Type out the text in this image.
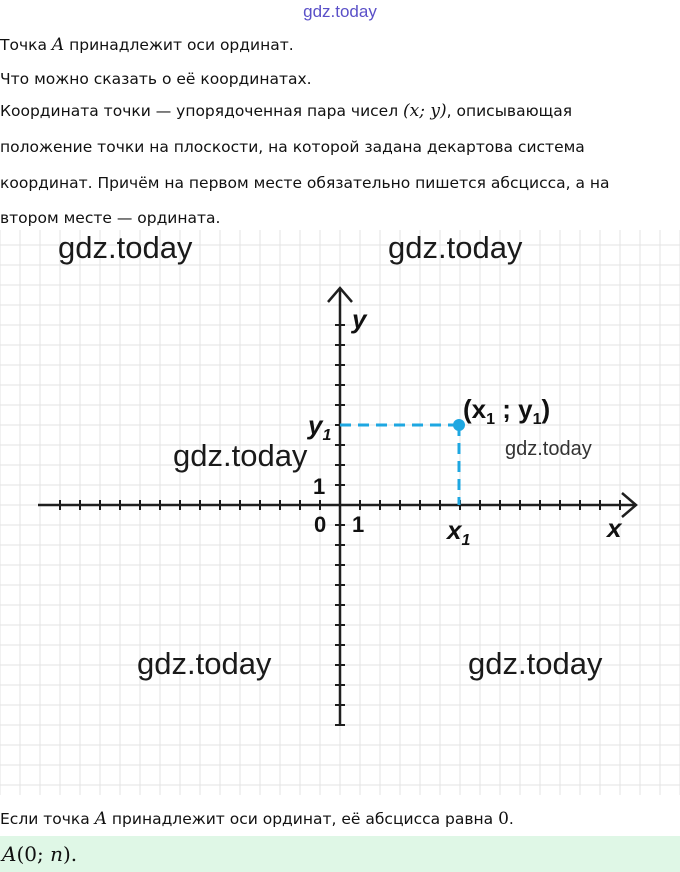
gdz.today
Точка A принадлежит оси ординат.
Что можно сказать о её координатах.
Координата точки — упорядоченная пара чисел (x; y), описывающая
положение точки на плоскости, на которой задана декартова система
координат. Причём на первом месте обязательно пишется абсцисса, а на
втором месте — ордината.
y
x
0 1
1
$x_1$
$y_1$
($x_1$ ; $y_1$)
gdz.today	gdz.today
gdz.today	gdz.today
gdz.today	gdz.today
Если точка A принадлежит оси ординат, её абсцисса равна 0.
A(0; n).
